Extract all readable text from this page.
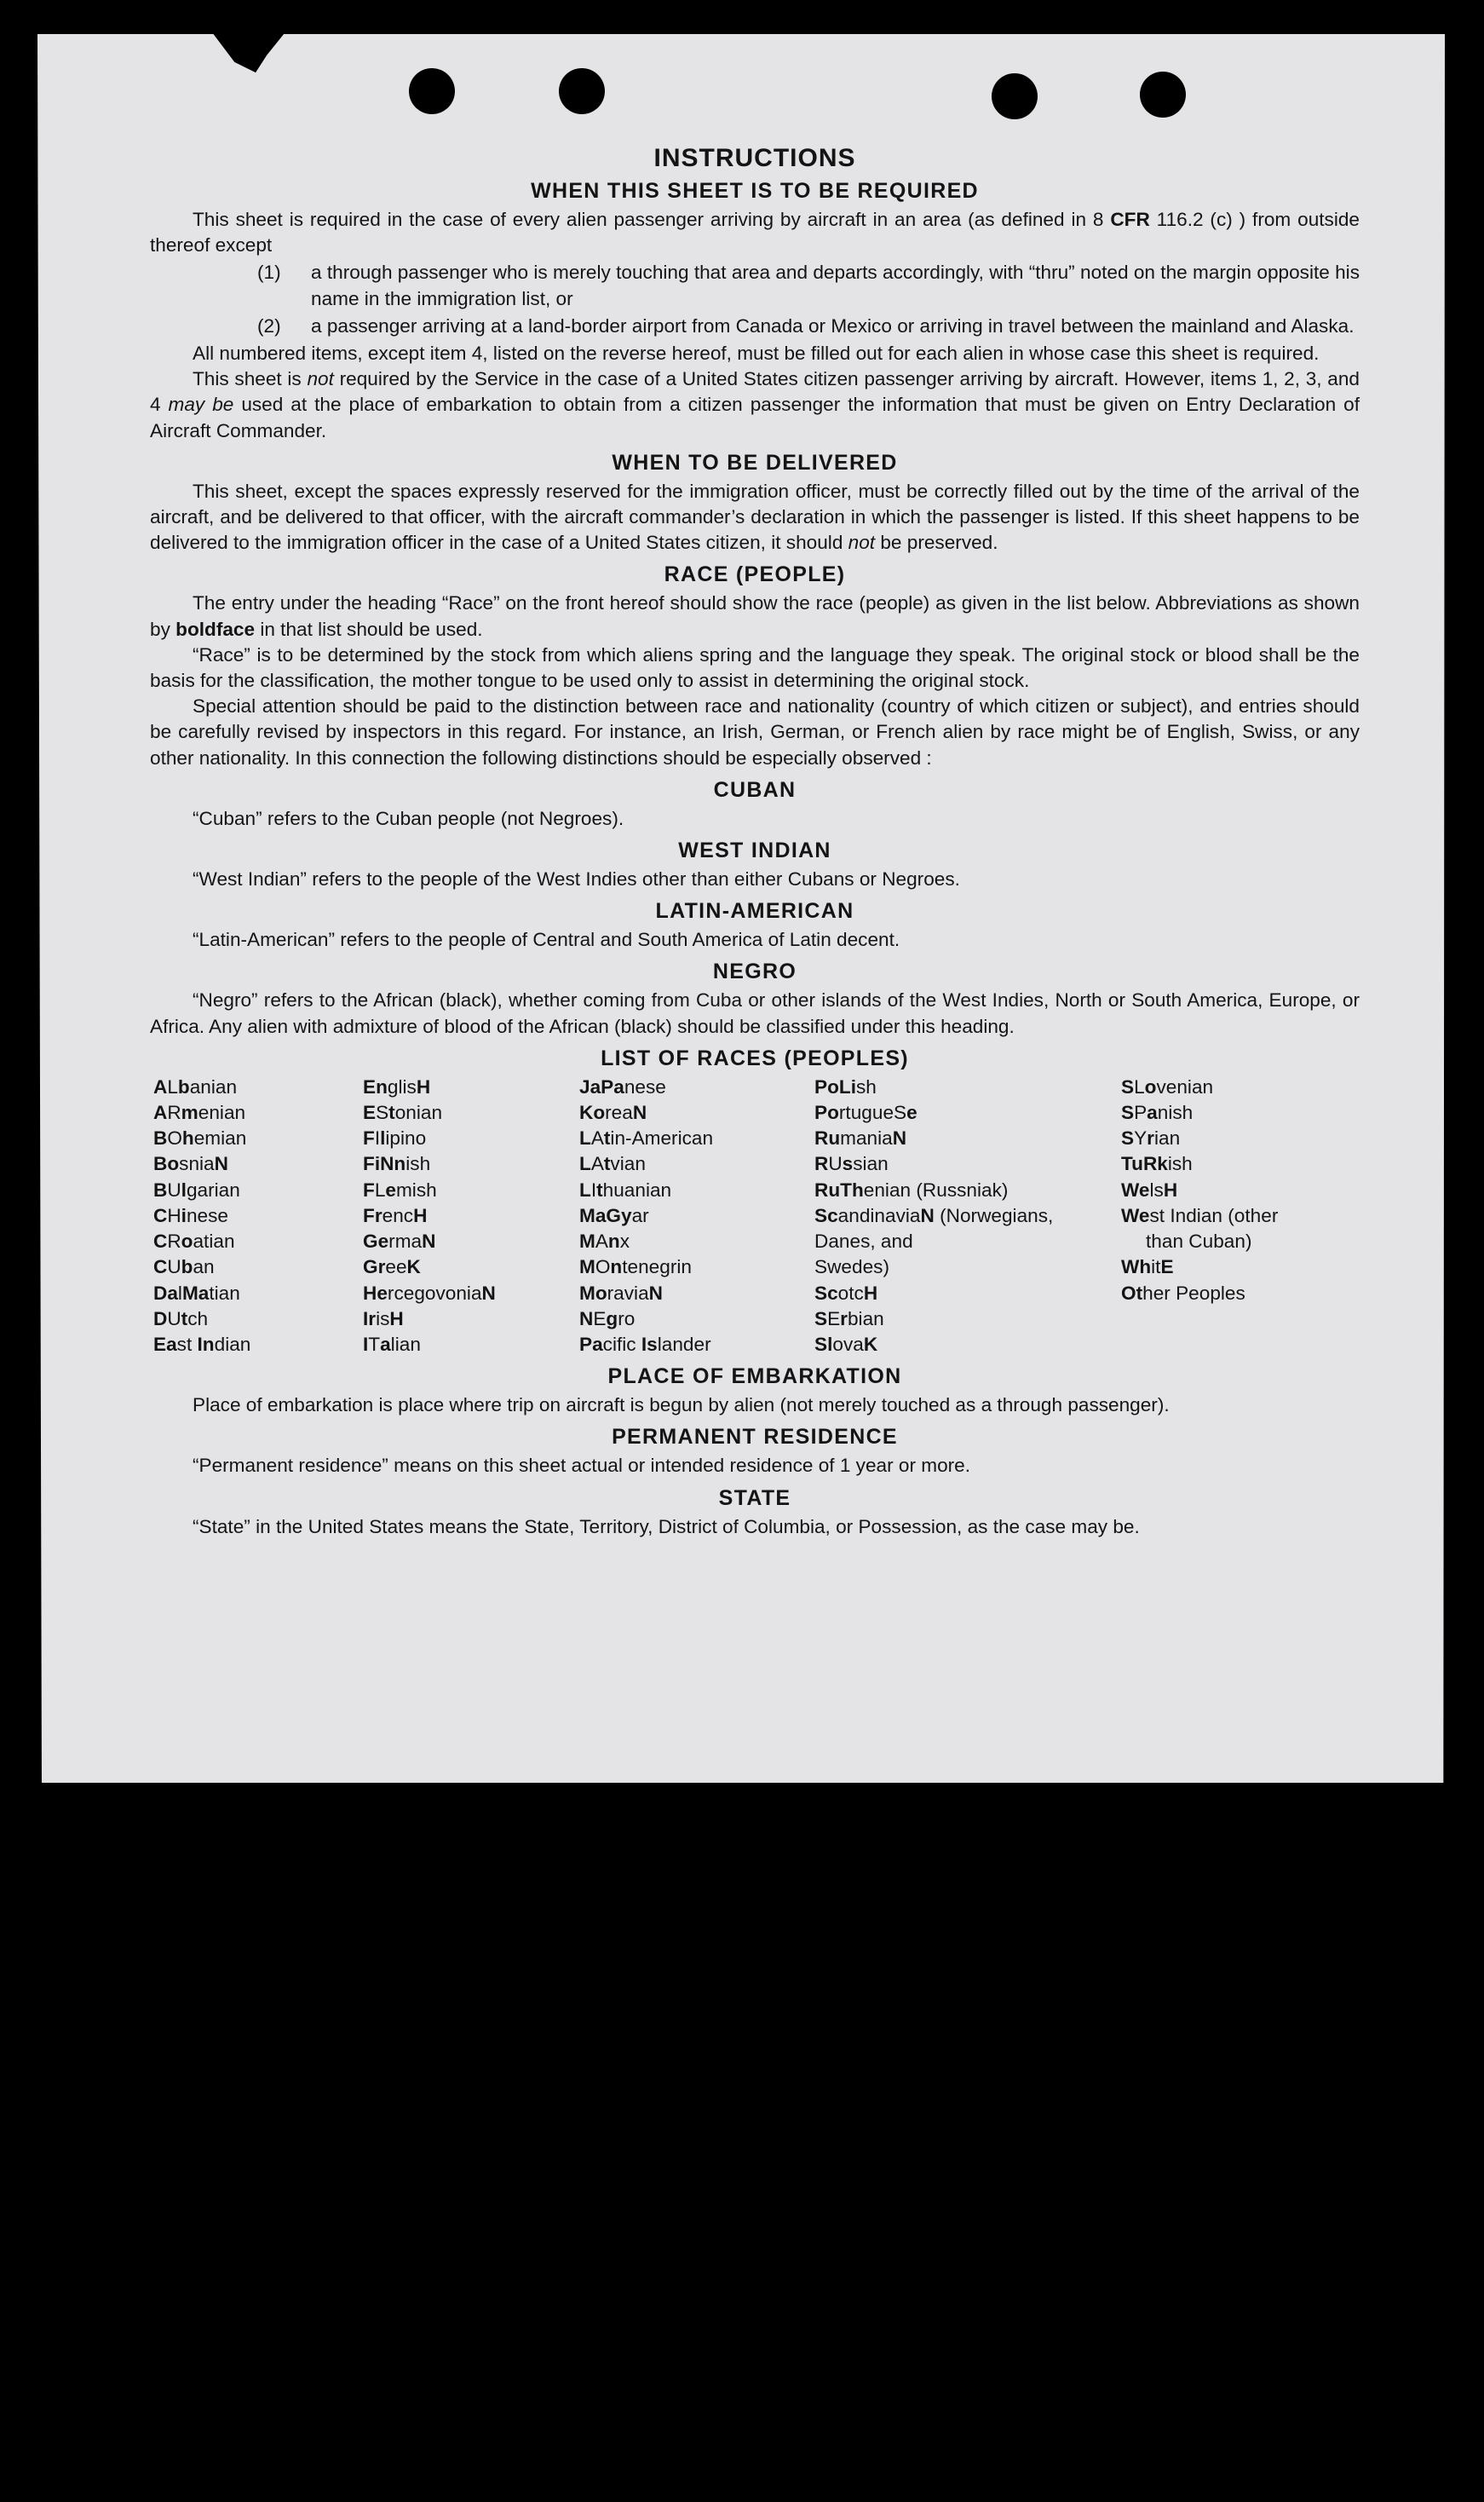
INSTRUCTIONS
WHEN THIS SHEET IS TO BE REQUIRED

This sheet is required in the case of every alien passenger arriving by aircraft in an area (as defined in 8 CFR 116.2 (c) ) from outside thereof except

(1)	a through passenger who is merely touching that area and departs accordingly, with “thru” noted on the margin opposite his name in the immigration list, or
(2)	a passenger arriving at a land-border airport from Canada or Mexico or arriving in travel between the mainland and Alaska.

All numbered items, except item 4, listed on the reverse hereof, must be filled out for each alien in whose case this sheet is required.

This sheet is not required by the Service in the case of a United States citizen passenger arriving by aircraft. However, items 1, 2, 3, and 4 may be used at the place of embarkation to obtain from a citizen passenger the information that must be given on Entry Declaration of Aircraft Commander.

WHEN TO BE DELIVERED

This sheet, except the spaces expressly reserved for the immigration officer, must be correctly filled out by the time of the arrival of the aircraft, and be delivered to that officer, with the aircraft commander’s declaration in which the passenger is listed. If this sheet happens to be delivered to the immigration officer in the case of a United States citizen, it should not be preserved.

RACE (PEOPLE)

The entry under the heading “Race” on the front hereof should show the race (people) as given in the list below. Abbreviations as shown by boldface in that list should be used.

“Race” is to be determined by the stock from which aliens spring and the language they speak. The original stock or blood shall be the basis for the classification, the mother tongue to be used only to assist in determining the original stock.

Special attention should be paid to the distinction between race and nationality (country of which citizen or subject), and entries should be carefully revised by inspectors in this regard. For instance, an Irish, German, or French alien by race might be of English, Swiss, or any other nationality. In this connection the following distinctions should be especially observed :

CUBAN

“Cuban” refers to the Cuban people (not Negroes).

WEST INDIAN

“West Indian” refers to the people of the West Indies other than either Cubans or Negroes.

LATIN-AMERICAN

“Latin-American” refers to the people of Central and South America of Latin decent.

NEGRO

“Negro” refers to the African (black), whether coming from Cuba or other islands of the West Indies, North or South America, Europe, or Africa. Any alien with admixture of blood of the African (black) should be classified under this heading.

LIST OF RACES (PEOPLES)
ALbanian
ARmenian
BOhemian
BosniaN
BUlgarian
CHinese
CRoatian
CUban
DalMatian
DUtch
East Indian
EnglisH
EStonian
FIlipino
FiNnish
FLemish
FrencH
GermaN
GreeK
HercegovoniaN
IrisH
ITalian
JaPanese
KoreaN
LAtin-American
LAtvian
LIthuanian
MaGyar
MAnx
MOntenegrin
MoraviaN
NEgro
Pacific Islander
PoLish
PortugueSe
RumaniaN
RUssian
RuThenian (Russniak)
ScandinaviaN (Norwegians,
Danes, and
Swedes)
ScotcH
SErbian
SlovaK
SLovenian
SPanish
SYrian
TuRkish
WelsH
West Indian (other
than Cuban)
WhitE
Other Peoples
PLACE OF EMBARKATION

Place of embarkation is place where trip on aircraft is begun by alien (not merely touched as a through passenger).

PERMANENT RESIDENCE

“Permanent residence” means on this sheet actual or intended residence of 1 year or more.

STATE

“State” in the United States means the State, Territory, District of Columbia, or Possession, as the case may be.
